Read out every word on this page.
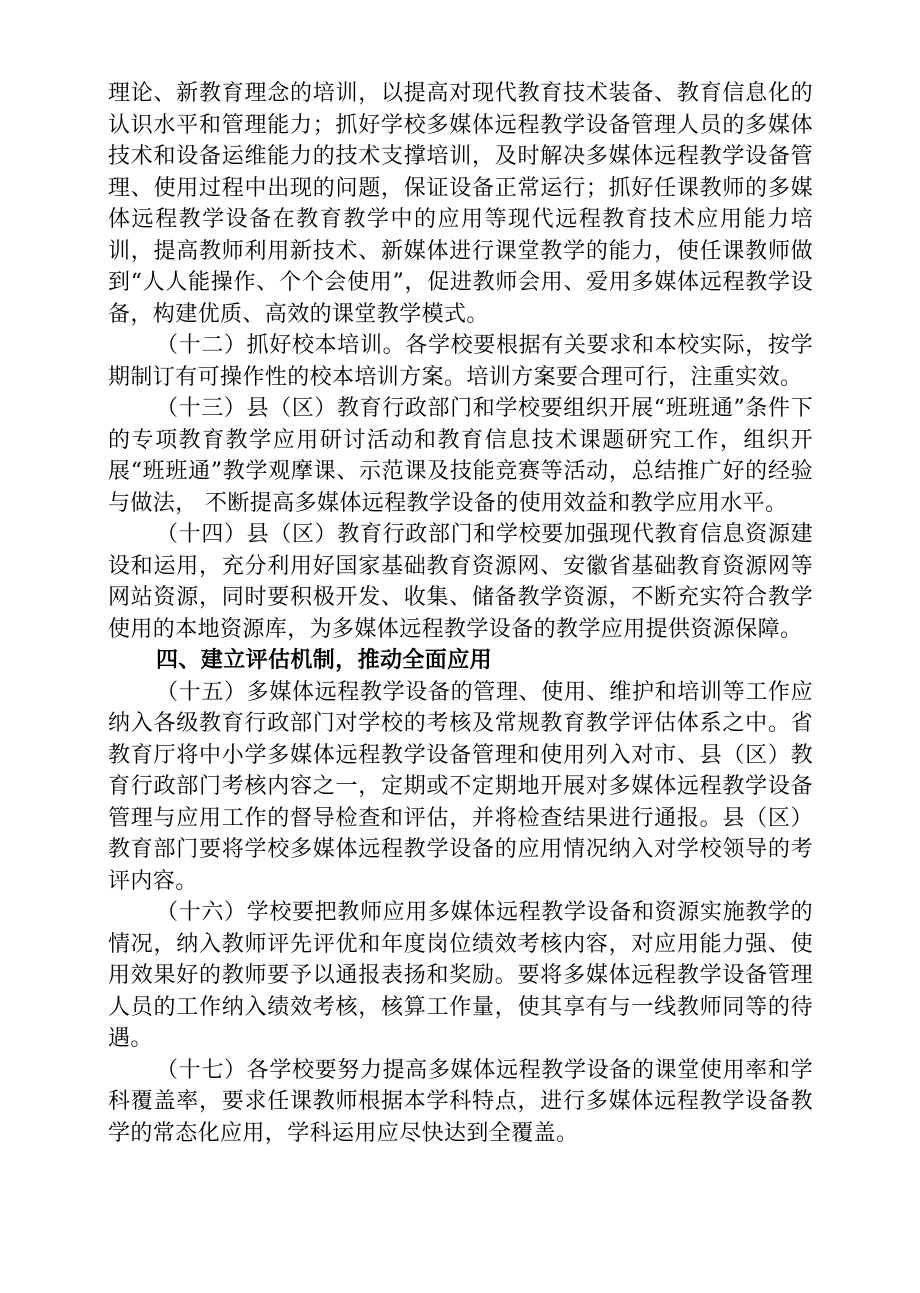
理论、新教育理念的培训，以提高对现代教育技术装备、教育信息化的认识水平和管理能力；抓好学校多媒体远程教学设备管理人员的多媒体技术和设备运维能力的技术支撑培训，及时解决多媒体远程教学设备管理、使用过程中出现的问题，保证设备正常运行；抓好任课教师的多媒体远程教学设备在教育教学中的应用等现代远程教育技术应用能力培训，提高教师利用新技术、新媒体进行课堂教学的能力，使任课教师做到“人人能操作、个个会使用”，促进教师会用、爱用多媒体远程教学设备，构建优质、高效的课堂教学模式。

（十二）抓好校本培训。各学校要根据有关要求和本校实际，按学期制订有可操作性的校本培训方案。培训方案要合理可行，注重实效。

（十三）县（区）教育行政部门和学校要组织开展“班班通”条件下的专项教育教学应用研讨活动和教育信息技术课题研究工作，组织开展“班班通”教学观摩课、示范课及技能竞赛等活动，总结推广好的经验与做法， 不断提高多媒体远程教学设备的使用效益和教学应用水平。

（十四）县（区）教育行政部门和学校要加强现代教育信息资源建设和运用，充分利用好国家基础教育资源网、安徽省基础教育资源网等网站资源，同时要积极开发、收集、储备教学资源，不断充实符合教学使用的本地资源库，为多媒体远程教学设备的教学应用提供资源保障。

四、建立评估机制，推动全面应用

（十五）多媒体远程教学设备的管理、使用、维护和培训等工作应纳入各级教育行政部门对学校的考核及常规教育教学评估体系之中。省教育厅将中小学多媒体远程教学设备管理和使用列入对市、县（区）教育行政部门考核内容之一，定期或不定期地开展对多媒体远程教学设备管理与应用工作的督导检查和评估，并将检查结果进行通报。县（区）教育部门要将学校多媒体远程教学设备的应用情况纳入对学校领导的考评内容。

（十六）学校要把教师应用多媒体远程教学设备和资源实施教学的情况，纳入教师评先评优和年度岗位绩效考核内容，对应用能力强、使用效果好的教师要予以通报表扬和奖励。要将多媒体远程教学设备管理人员的工作纳入绩效考核，核算工作量，使其享有与一线教师同等的待遇。

（十七）各学校要努力提高多媒体远程教学设备的课堂使用率和学科覆盖率，要求任课教师根据本学科特点，进行多媒体远程教学设备教学的常态化应用，学科运用应尽快达到全覆盖。
